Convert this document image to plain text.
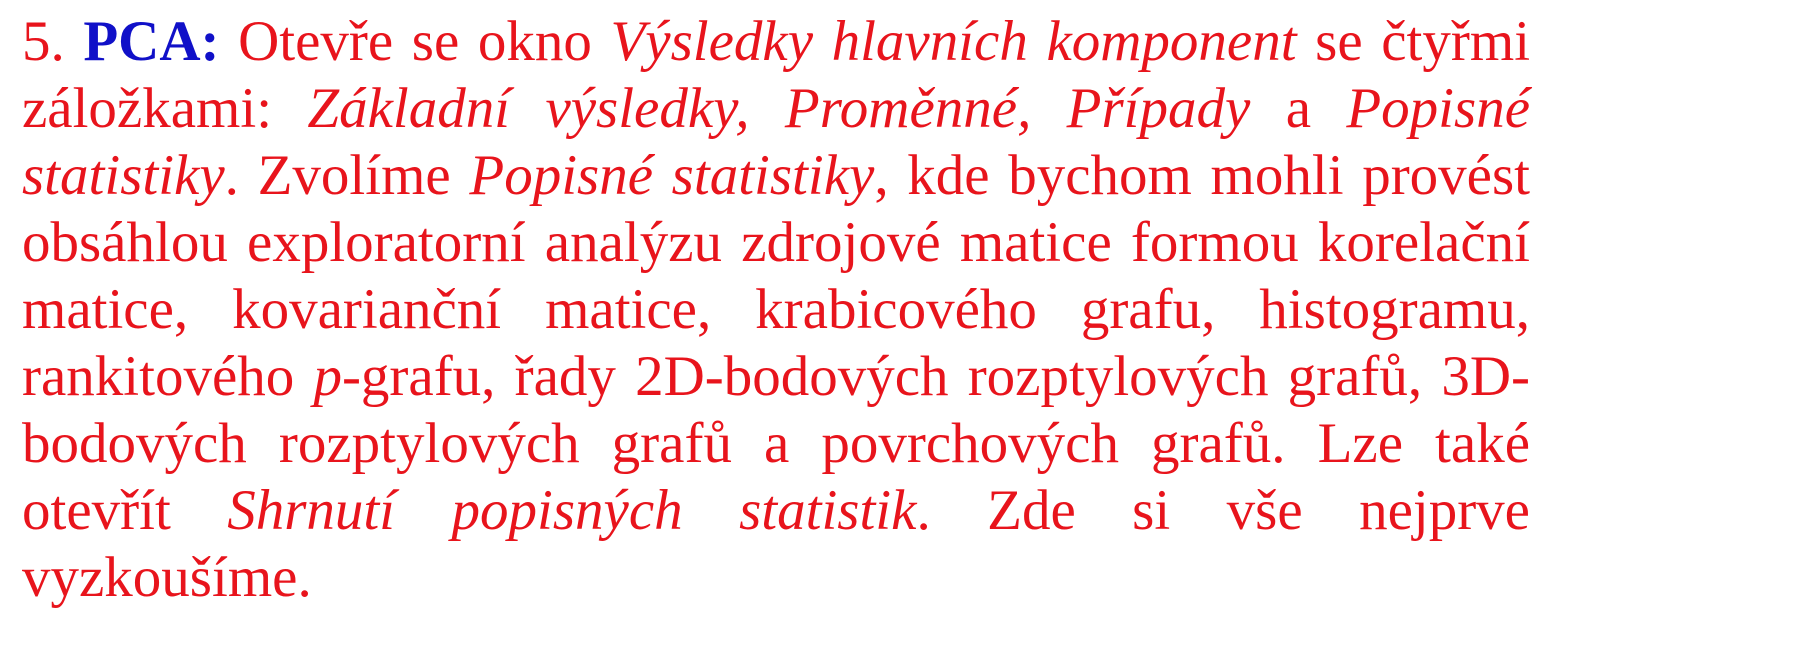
5. PCA: Otevře se okno Výsledky hlavních komponent se čtyřmi
záložkami: Základní výsledky, Proměnné, Případy a Popisné
statistiky. Zvolíme Popisné statistiky, kde bychom mohli provést
obsáhlou exploratorní analýzu zdrojové matice formou korelační
matice, kovarianční matice, krabicového grafu, histogramu,
rankitového p-grafu, řady 2D-bodových rozptylových grafů, 3D-
bodových rozptylových grafů a povrchových grafů. Lze také
otevřít Shrnutí popisných statistik. Zde si vše nejprve vyzkoušíme.
